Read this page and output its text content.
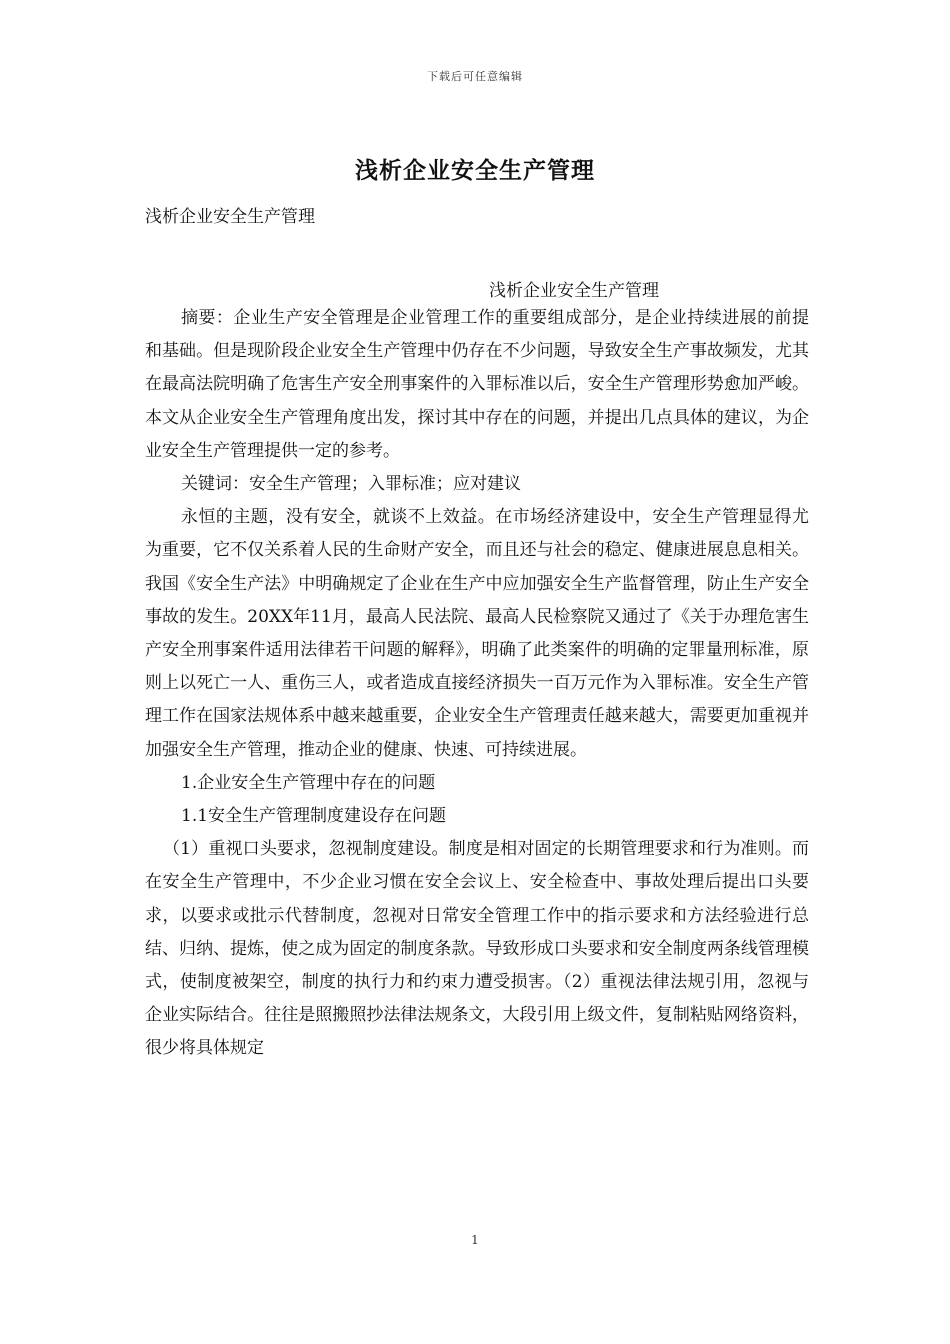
下载后可任意编辑
浅析企业安全生产管理
浅析企业安全生产管理
浅析企业安全生产管理

摘要：企业生产安全管理是企业管理工作的重要组成部分，是企业持续进展的前提和基础。但是现阶段企业安全生产管理中仍存在不少问题，导致安全生产事故频发，尤其在最高法院明确了危害生产安全刑事案件的入罪标准以后，安全生产管理形势愈加严峻。本文从企业安全生产管理角度出发，探讨其中存在的问题，并提出几点具体的建议，为企业安全生产管理提供一定的参考。

关键词：安全生产管理；入罪标准；应对建议

永恒的主题，没有安全，就谈不上效益。在市场经济建设中，安全生产管理显得尤为重要，它不仅关系着人民的生命财产安全，而且还与社会的稳定、健康进展息息相关。我国《安全生产法》中明确规定了企业在生产中应加强安全生产监督管理，防止生产安全事故的发生。20XX年11月，最高人民法院、最高人民检察院又通过了《关于办理危害生产安全刑事案件适用法律若干问题的解释》，明确了此类案件的明确的定罪量刑标准，原则上以死亡一人、重伤三人，或者造成直接经济损失一百万元作为入罪标准。安全生产管理工作在国家法规体系中越来越重要，企业安全生产管理责任越来越大，需要更加重视并加强安全生产管理，推动企业的健康、快速、可持续进展。

1.企业安全生产管理中存在的问题

1.1安全生产管理制度建设存在问题

（1）重视口头要求，忽视制度建设。制度是相对固定的长期管理要求和行为准则。而在安全生产管理中，不少企业习惯在安全会议上、安全检查中、事故处理后提出口头要求，以要求或批示代替制度，忽视对日常安全管理工作中的指示要求和方法经验进行总结、归纳、提炼，使之成为固定的制度条款。导致形成口头要求和安全制度两条线管理模式，使制度被架空，制度的执行力和约束力遭受损害。（2）重视法律法规引用，忽视与企业实际结合。往往是照搬照抄法律法规条文，大段引用上级文件，复制粘贴网络资料，很少将具体规定

1
